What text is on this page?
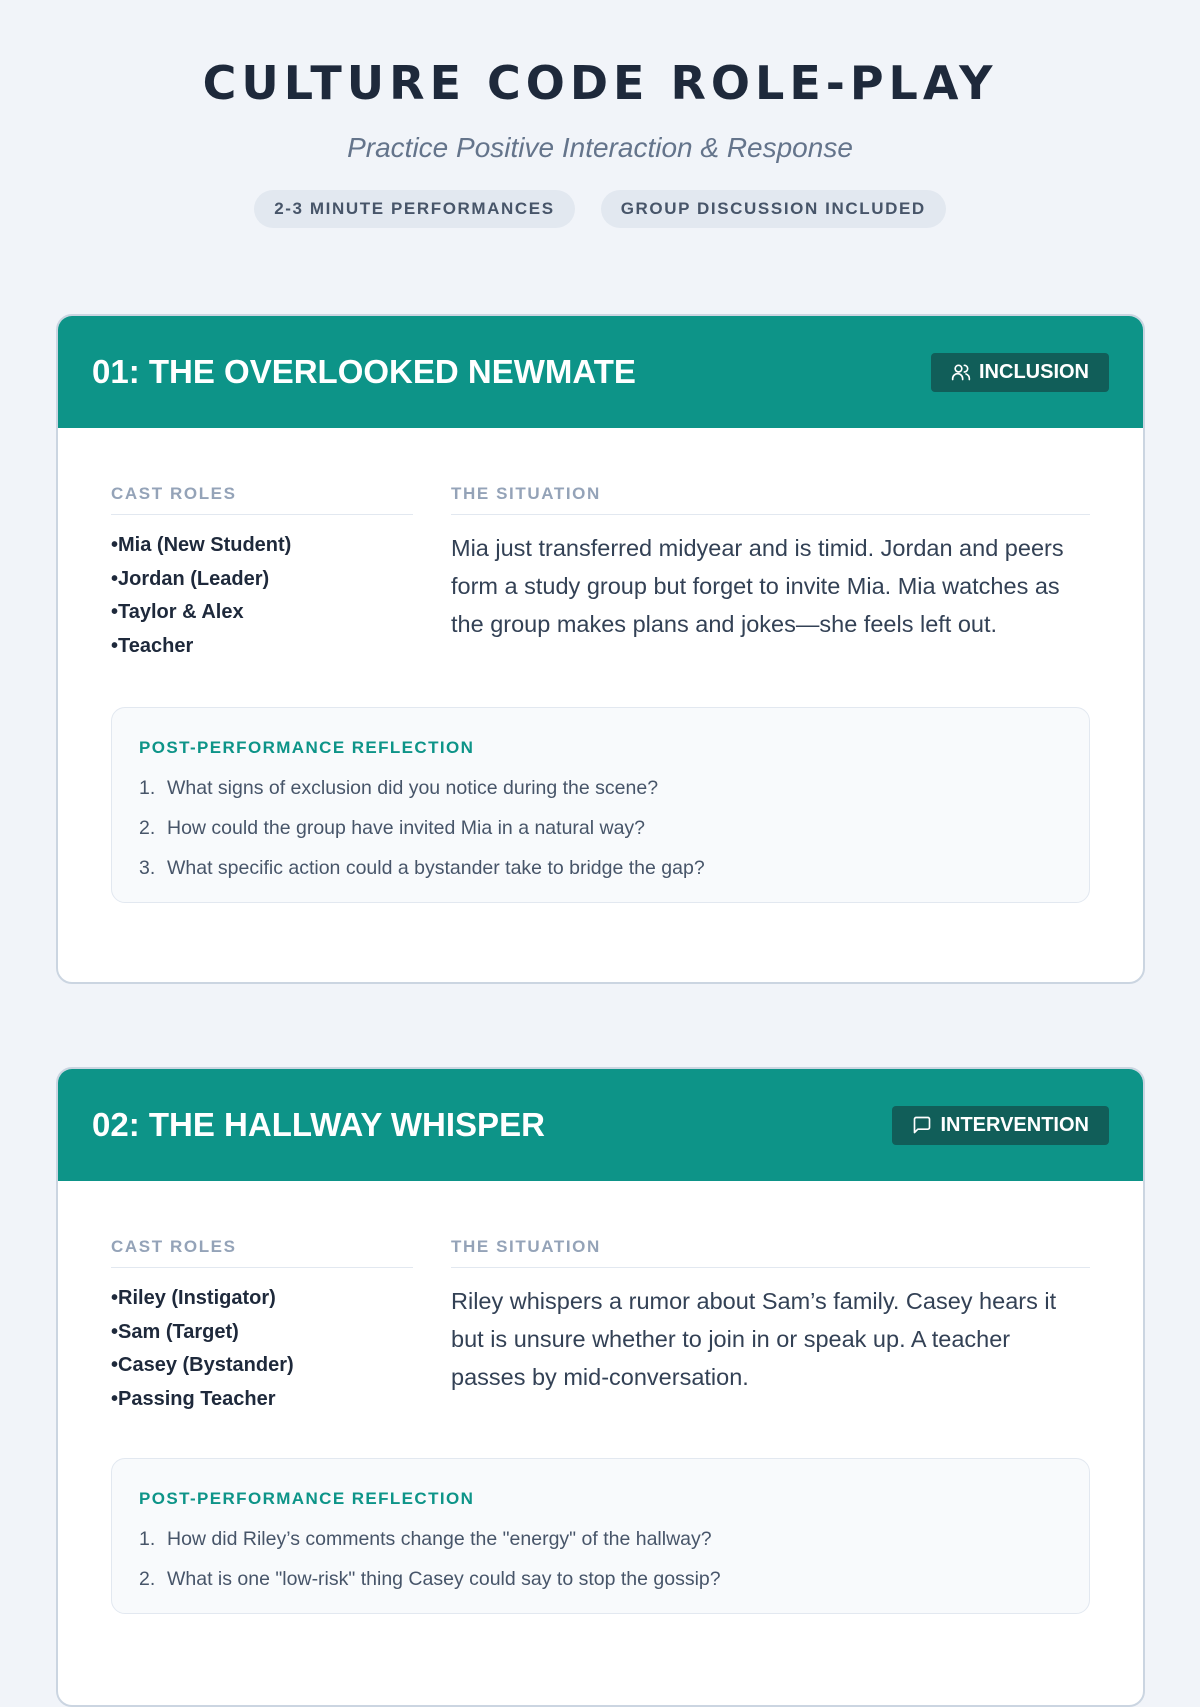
CULTURE CODE ROLE-PLAY

Practice Positive Interaction & Response

2-3 MINUTE PERFORMANCES	GROUP DISCUSSION INCLUDED
01: THE OVERLOOKED NEWMATE	INCLUSION
CAST ROLES
• Mia (New Student)
• Jordan (Leader)
• Taylor & Alex
• Teacher
THE SITUATION

Mia just transferred midyear and is timid. Jordan and peers form a study group but forget to invite Mia. Mia watches as the group makes plans and jokes—she feels left out.

POST-PERFORMANCE REFLECTION
1. What signs of exclusion did you notice during the scene?
2. How could the group have invited Mia in a natural way?
3. What specific action could a bystander take to bridge the gap?
02: THE HALLWAY WHISPER	INTERVENTION
CAST ROLES
• Riley (Instigator)
• Sam (Target)
• Casey (Bystander)
• Passing Teacher
THE SITUATION

Riley whispers a rumor about Sam’s family. Casey hears it but is unsure whether to join in or speak up. A teacher passes by mid-conversation.

POST-PERFORMANCE REFLECTION
1. How did Riley’s comments change the "energy" of the hallway?
2. What is one "low-risk" thing Casey could say to stop the gossip?
